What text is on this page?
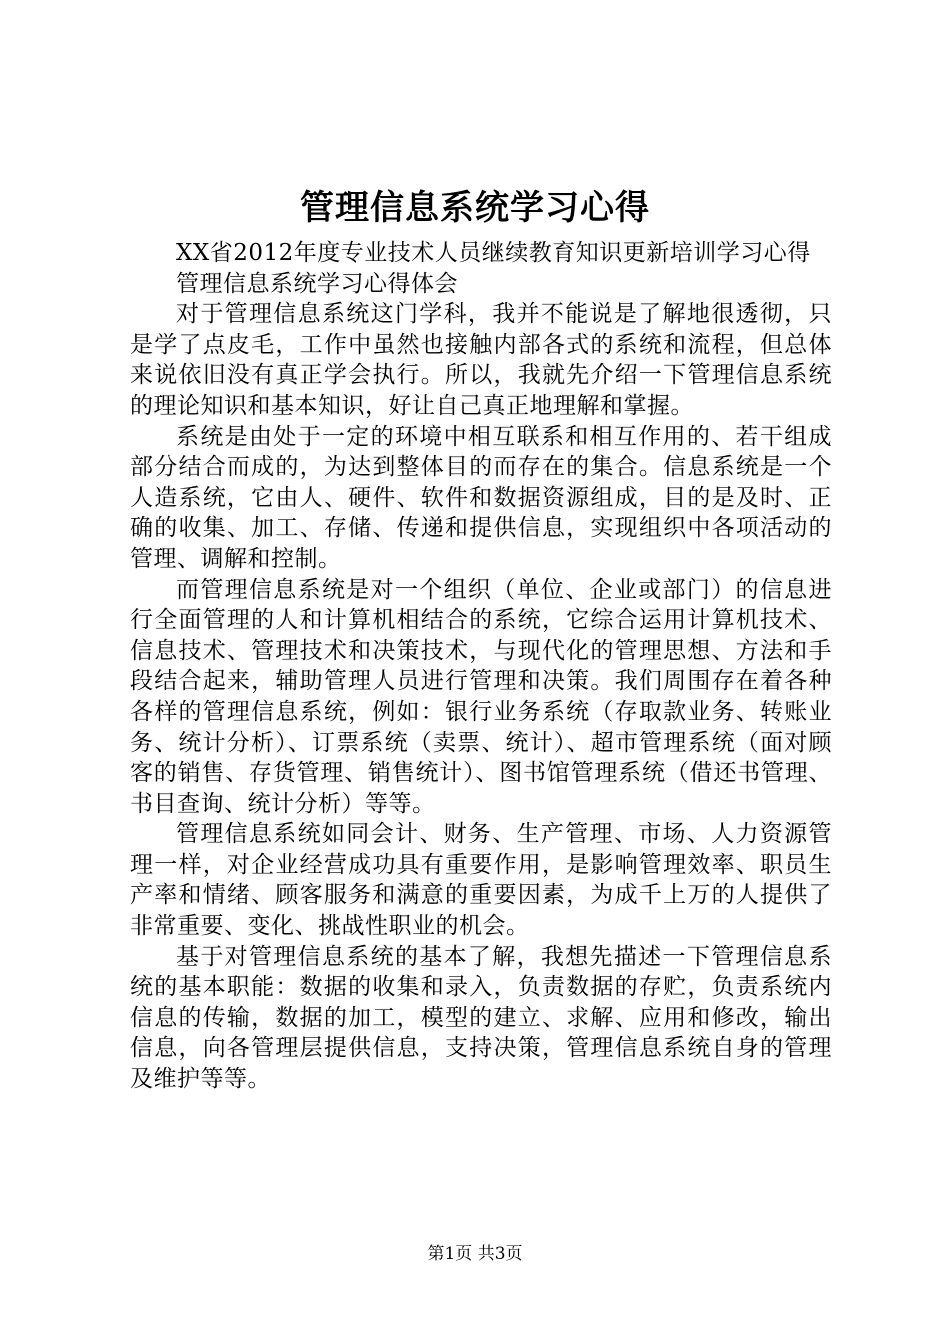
管理信息系统学习心得

XX省2012年度专业技术人员继续教育知识更新培训学习心得

管理信息系统学习心得体会

对于管理信息系统这门学科，我并不能说是了解地很透彻，只是学了点皮毛，工作中虽然也接触内部各式的系统和流程，但总体来说依旧没有真正学会执行。所以，我就先介绍一下管理信息系统的理论知识和基本知识，好让自己真正地理解和掌握。

系统是由处于一定的环境中相互联系和相互作用的、若干组成部分结合而成的，为达到整体目的而存在的集合。信息系统是一个人造系统，它由人、硬件、软件和数据资源组成，目的是及时、正确的收集、加工、存储、传递和提供信息，实现组织中各项活动的管理、调解和控制。

而管理信息系统是对一个组织（单位、企业或部门）的信息进行全面管理的人和计算机相结合的系统，它综合运用计算机技术、信息技术、管理技术和决策技术，与现代化的管理思想、方法和手段结合起来，辅助管理人员进行管理和决策。我们周围存在着各种各样的管理信息系统，例如：银行业务系统（存取款业务、转账业务、统计分析）、订票系统（卖票、统计）、超市管理系统（面对顾客的销售、存货管理、销售统计）、图书馆管理系统（借还书管理、书目查询、统计分析）等等。

管理信息系统如同会计、财务、生产管理、市场、人力资源管理一样，对企业经营成功具有重要作用，是影响管理效率、职员生产率和情绪、顾客服务和满意的重要因素，为成千上万的人提供了非常重要、变化、挑战性职业的机会。

基于对管理信息系统的基本了解，我想先描述一下管理信息系统的基本职能：数据的收集和录入，负责数据的存贮，负责系统内信息的传输，数据的加工，模型的建立、求解、应用和修改，输出信息，向各管理层提供信息，支持决策，管理信息系统自身的管理及维护等等。

第1页 共3页
